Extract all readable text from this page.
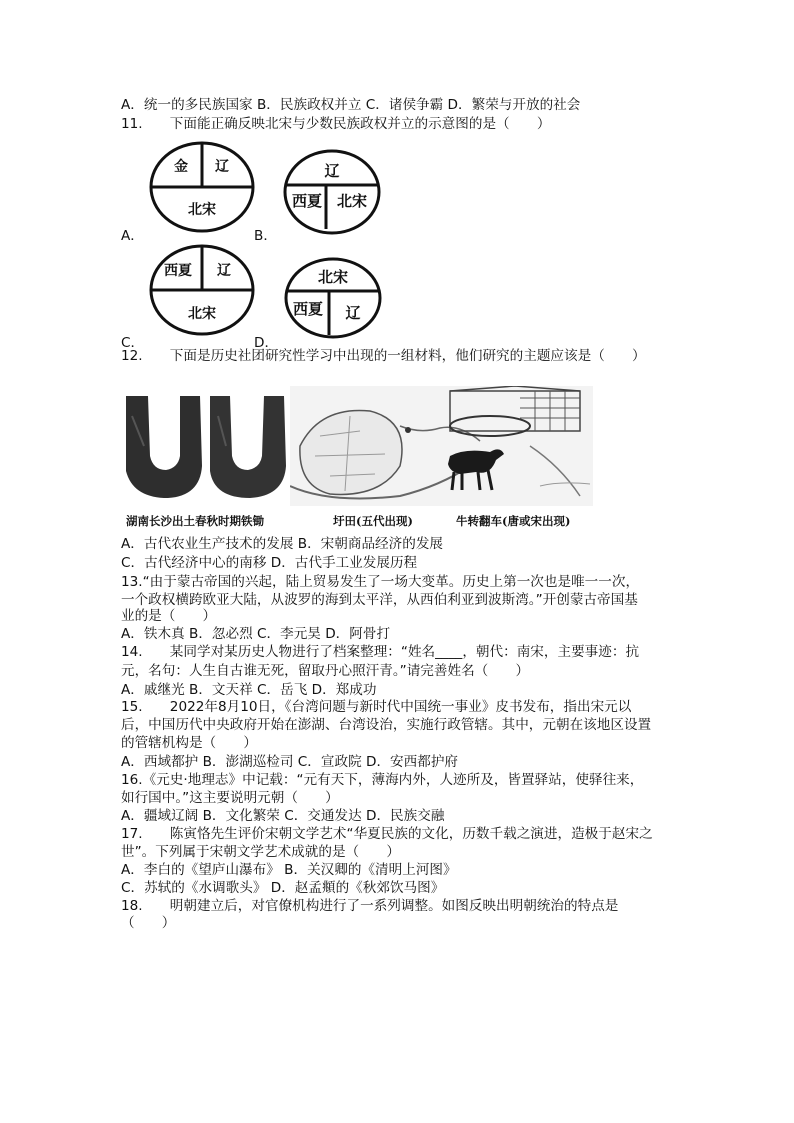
A．统一的多民族国家 B．民族政权并立 C．诸侯争霸 D．繁荣与开放的社会
11.　　下面能正确反映北宋与少数民族政权并立的示意图的是（　　）
金 辽
北宋
辽
西夏 北宋
A．	B．
西夏 辽
北宋
北宋
西夏 辽
C．	D．
12.　　下面是历史社团研究性学习中出现的一组材料，他们研究的主题应该是（　　）
湖南长沙出土春秋时期铁锄	圩田(五代出现)	牛转翻车(唐或宋出现)
A．古代农业生产技术的发展 B．宋朝商品经济的发展
C．古代经济中心的南移 D．古代手工业发展历程
13.“由于蒙古帝国的兴起，陆上贸易发生了一场大变革。历史上第一次也是唯一一次，
一个政权横跨欧亚大陆，从波罗的海到太平洋，从西伯利亚到波斯湾。”开创蒙古帝国基
业的是（　　）
A．铁木真 B．忽必烈 C．李元昊 D．阿骨打
14.　　某同学对某历史人物进行了档案整理：“姓名____，朝代：南宋，主要事迹：抗
元，名句：人生自古谁无死，留取丹心照汗青。”请完善姓名（　　）
A．戚继光 B．文天祥 C．岳飞 D．郑成功
15.　　2022年8月10日，《台湾问题与新时代中国统一事业》皮书发布，指出宋元以
后，中国历代中央政府开始在澎湖、台湾设治，实施行政管辖。其中，元朝在该地区设置
的管辖机构是（　　）
A．西域都护 B．澎湖巡检司 C．宣政院 D．安西都护府
16.《元史·地理志》中记载：“元有天下，薄海内外，人迹所及，皆置驿站，使驿往来，
如行国中。”这主要说明元朝（　　）
A．疆域辽阔 B．文化繁荣 C．交通发达 D．民族交融
17.　　陈寅恪先生评价宋朝文学艺术“华夏民族的文化，历数千载之演进，造极于赵宋之
世”。下列属于宋朝文学艺术成就的是（　　）
A．李白的《望庐山瀑布》 B．关汉卿的《清明上河图》
C．苏轼的《水调歌头》 D．赵孟頫的《秋郊饮马图》
18.　　明朝建立后，对官僚机构进行了一系列调整。如图反映出明朝统治的特点是
（　　）
